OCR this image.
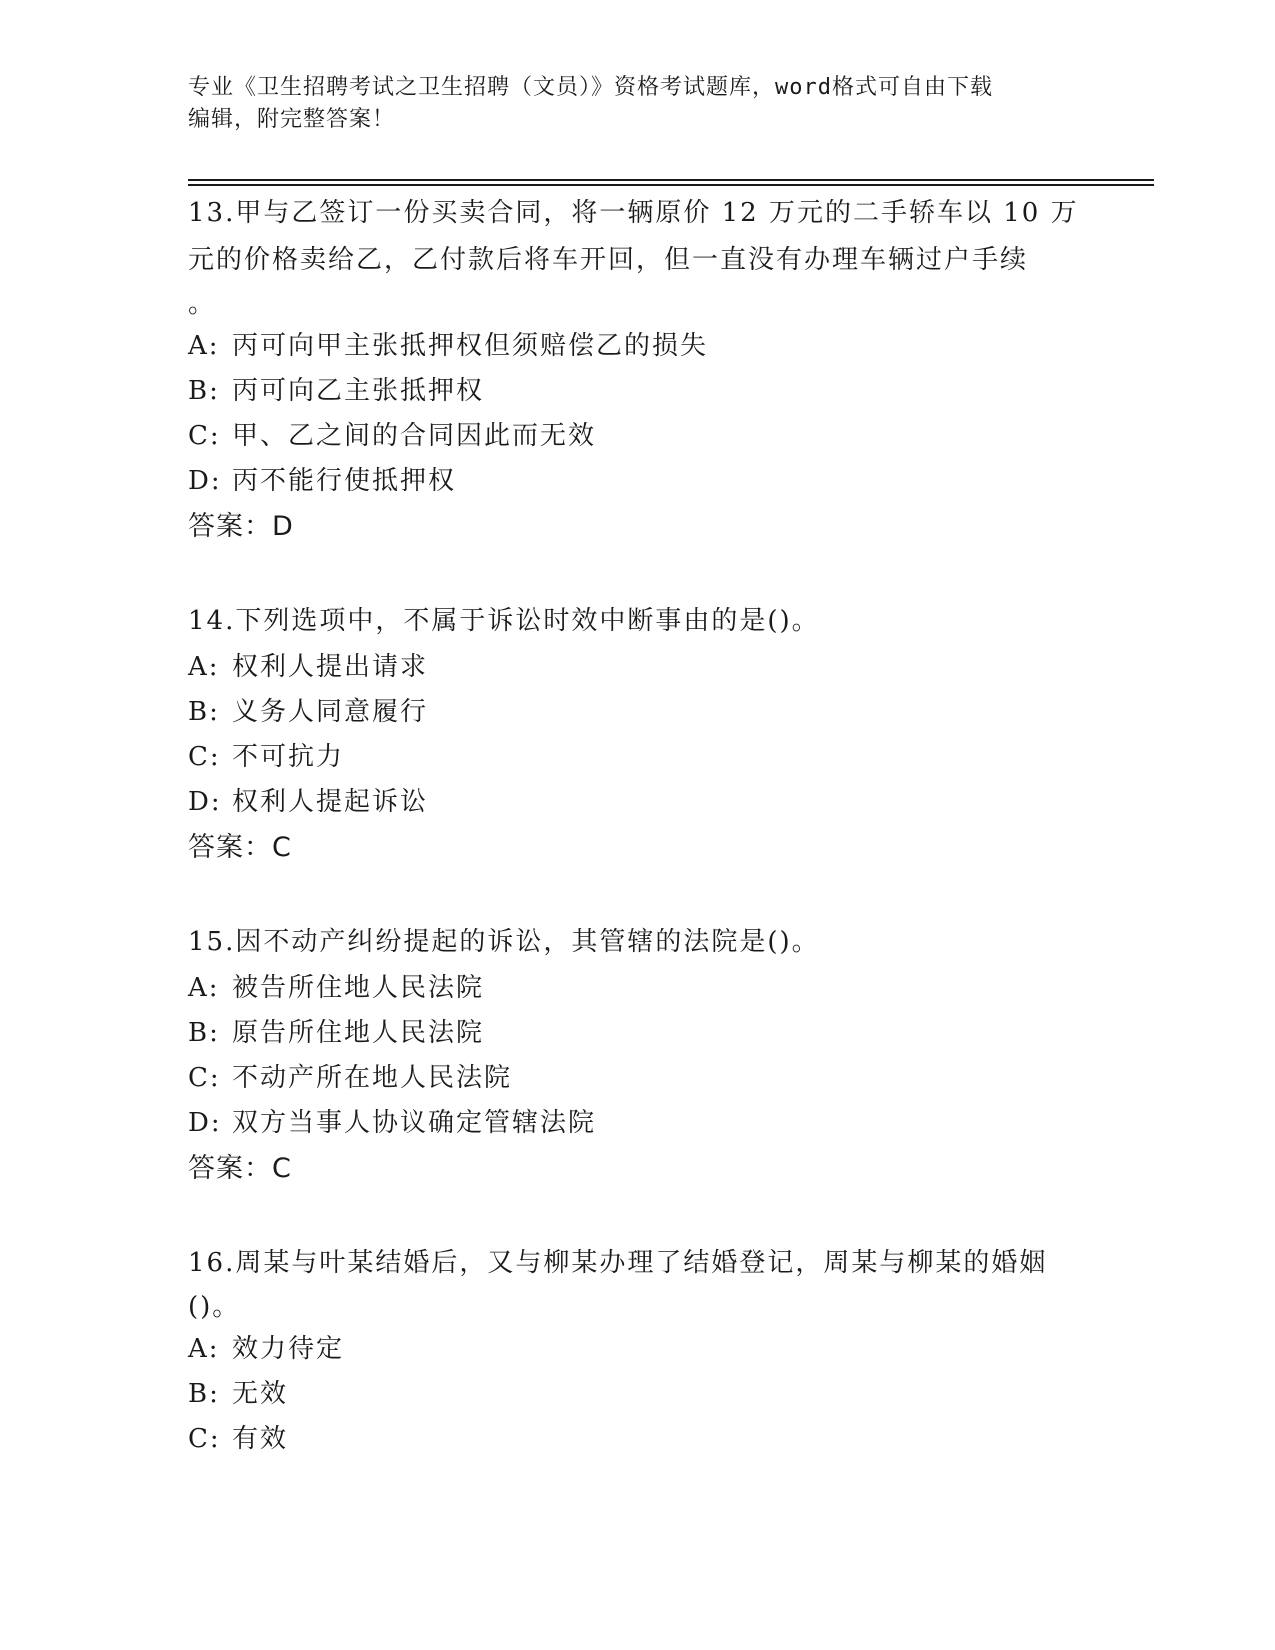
专业《卫生招聘考试之卫生招聘（文员）》资格考试题库，word格式可自由下载
编辑，附完整答案！

13.甲与乙签订一份买卖合同，将一辆原价 12 万元的二手轿车以 10 万

元的价格卖给乙，乙付款后将车开回，但一直没有办理车辆过户手续

。

A: 丙可向甲主张抵押权但须赔偿乙的损失

B: 丙可向乙主张抵押权

C: 甲、乙之间的合同因此而无效

D: 丙不能行使抵押权

答案：D

14.下列选项中，不属于诉讼时效中断事由的是()。

A: 权利人提出请求

B: 义务人同意履行

C: 不可抗力

D: 权利人提起诉讼

答案：C

15.因不动产纠纷提起的诉讼，其管辖的法院是()。

A: 被告所住地人民法院

B: 原告所住地人民法院

C: 不动产所在地人民法院

D: 双方当事人协议确定管辖法院

答案：C

16.周某与叶某结婚后，又与柳某办理了结婚登记，周某与柳某的婚姻

()。

A: 效力待定

B: 无效

C: 有效
